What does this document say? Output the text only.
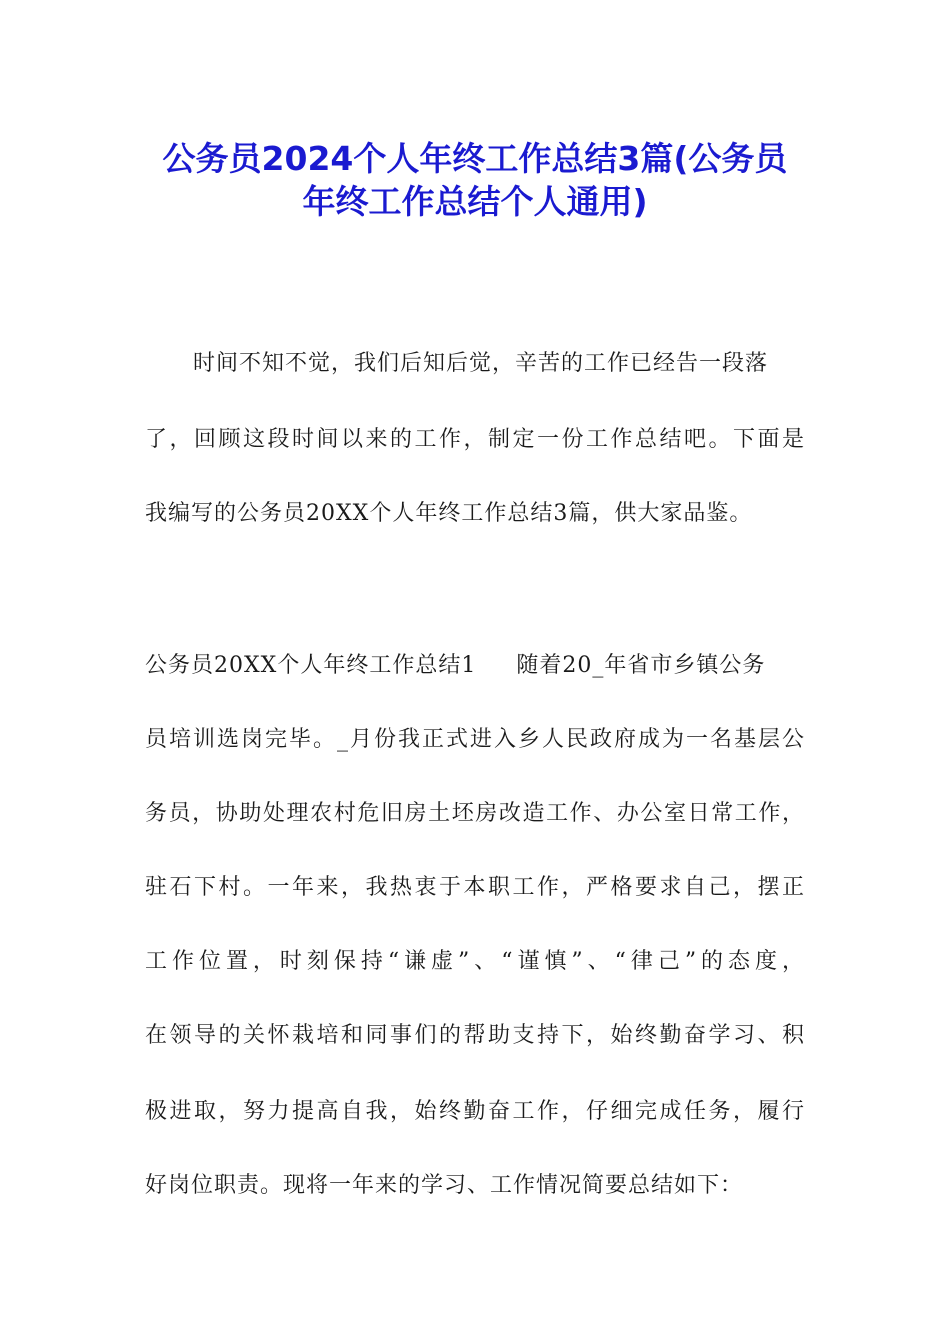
公务员2024个人年终工作总结3篇(公务员
年终工作总结个人通用)

时间不知不觉，我们后知后觉，辛苦的工作已经告一段落

了，回顾这段时间以来的工作，制定一份工作总结吧。下面是

我编写的公务员20XX个人年终工作总结3篇，供大家品鉴。

公务员20XX个人年终工作总结1 随着20_年省市乡镇公务

员培训选岗完毕。_月份我正式进入乡人民政府成为一名基层公

务员，协助处理农村危旧房土坯房改造工作、办公室日常工作，

驻石下村。一年来，我热衷于本职工作，严格要求自己，摆正

工作位置，时刻保持“谦虚”、“谨慎”、“律己”的态度，

在领导的关怀栽培和同事们的帮助支持下，始终勤奋学习、积

极进取，努力提高自我，始终勤奋工作，仔细完成任务，履行

好岗位职责。现将一年来的学习、工作情况简要总结如下：
